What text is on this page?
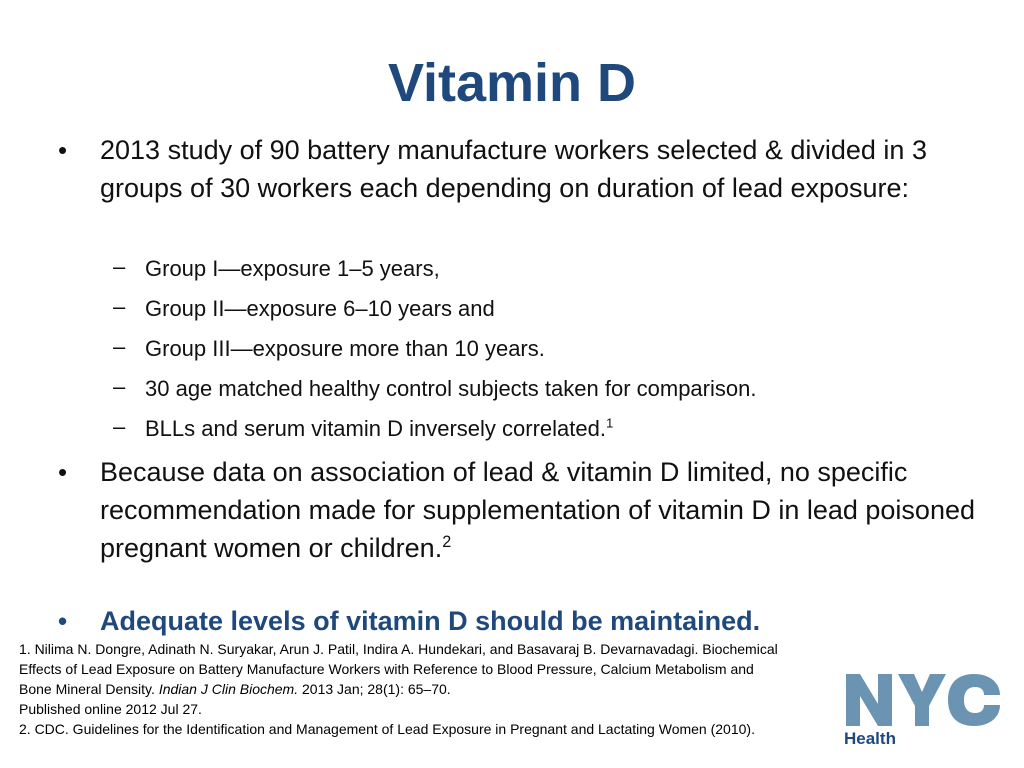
Vitamin D
• 2013 study of 90 battery manufacture workers selected & divided in 3 groups of 30 workers each depending on duration of lead exposure:
– Group I—exposure 1–5 years,
– Group II—exposure 6–10 years and
– Group III—exposure more than 10 years.
– 30 age matched healthy control subjects taken for comparison.
– BLLs and serum vitamin D inversely correlated.$^1$
• Because data on association of lead & vitamin D limited, no specific recommendation made for supplementation of vitamin D in lead poisoned pregnant women or children.$^2$
• Adequate levels of vitamin D should be maintained.
1. Nilima N. Dongre, Adinath N. Suryakar, Arun J. Patil, Indira A. Hundekari, and Basavaraj B. Devarnavadagi. Biochemical
Effects of Lead Exposure on Battery Manufacture Workers with Reference to Blood Pressure, Calcium Metabolism and
Bone Mineral Density. Indian J Clin Biochem. 2013 Jan; 28(1): 65–70.
Published online 2012 Jul 27.
2. CDC. Guidelines for the Identification and Management of Lead Exposure in Pregnant and Lactating Women (2010).	Health
